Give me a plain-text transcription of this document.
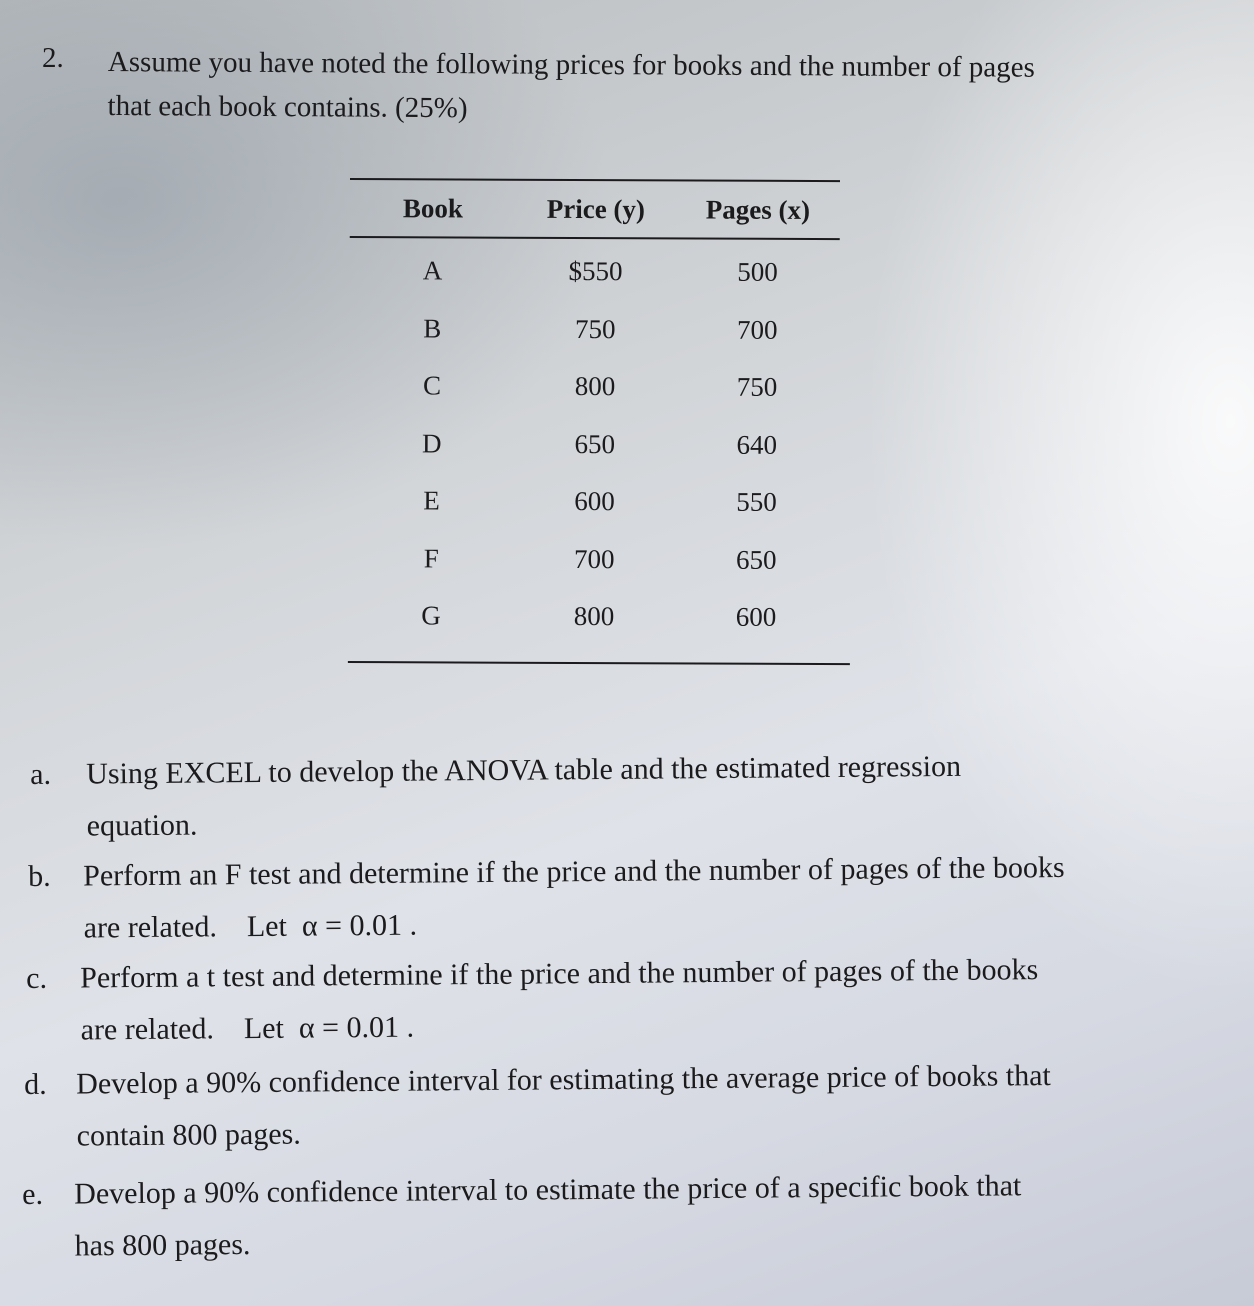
2. Assume you have noted the following prices for books and the number of pages
that each book contains. (25%)
Book	Price (y)	Pages (x)
A	$550	500
B	750	700
C	800	750
D	650	640
E	600	550
F	700	650
G	800	600
a. Using EXCEL to develop the ANOVA table and the estimated regression
equation.
b. Perform an F test and determine if the price and the number of pages of the books
are related.    Let  α = 0.01 .
c. Perform a t test and determine if the price and the number of pages of the books
are related.    Let  α = 0.01 .
d. Develop a 90% confidence interval for estimating the average price of books that
contain 800 pages.
e. Develop a 90% confidence interval to estimate the price of a specific book that
has 800 pages.
